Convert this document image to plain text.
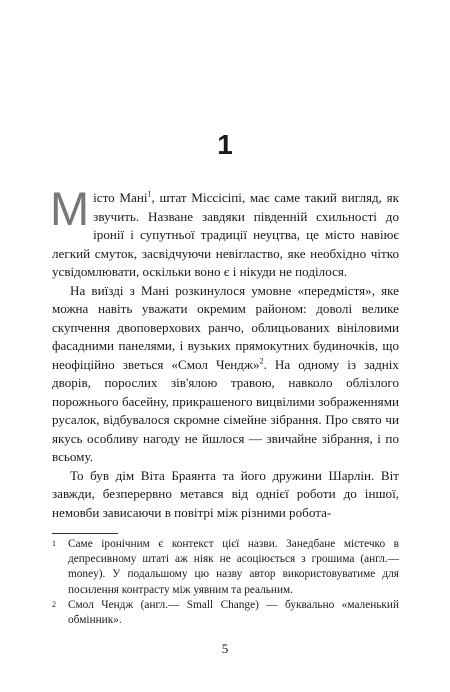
1

Місто Мані$^1$, штат Міссісіпі, має саме такий вигляд, як звучить. Назване завдяки південній схильності до іронії і супутньої традиції неуцтва, це місто навіює легкий смуток, засвідчуючи невігластво, яке необхідно чітко усвідомлювати, оскільки воно є і нікуди не поділося.

На виїзді з Мані розкинулося умовне «передмістя», яке можна навіть уважати окремим районом: доволі велике скупчення двоповерхових ранчо, облицьованих вініловими фасадними панелями, і вузьких прямокутних будиночків, що неофіційно зветься «Смол Чендж»$^2$. На одному із задніх дворів, порослих зів'ялою травою, навколо облізлого порожнього басейну, прикрашеного вицвілими зображеннями русалок, відбувалося скромне сімейне зібрання. Про свято чи якусь особливу нагоду не йшлося — звичайне зібрання, і по всьому.

То був дім Віта Браянта та його дружини Шарлін. Віт завжди, безперервно метався від однієї роботи до іншої, немовби зависаючи в повітрі між різними робота-

1 Саме іронічним є контекст цієї назви. Занедбане містечко в депресивному штаті аж ніяк не асоціюється з грошима (англ.— money). У подальшому цю назву автор використовуватиме для посилення контрасту між уявним та реальним.
2 Смол Чендж (англ.— Small Change) — буквально «маленький обмінник».
5
